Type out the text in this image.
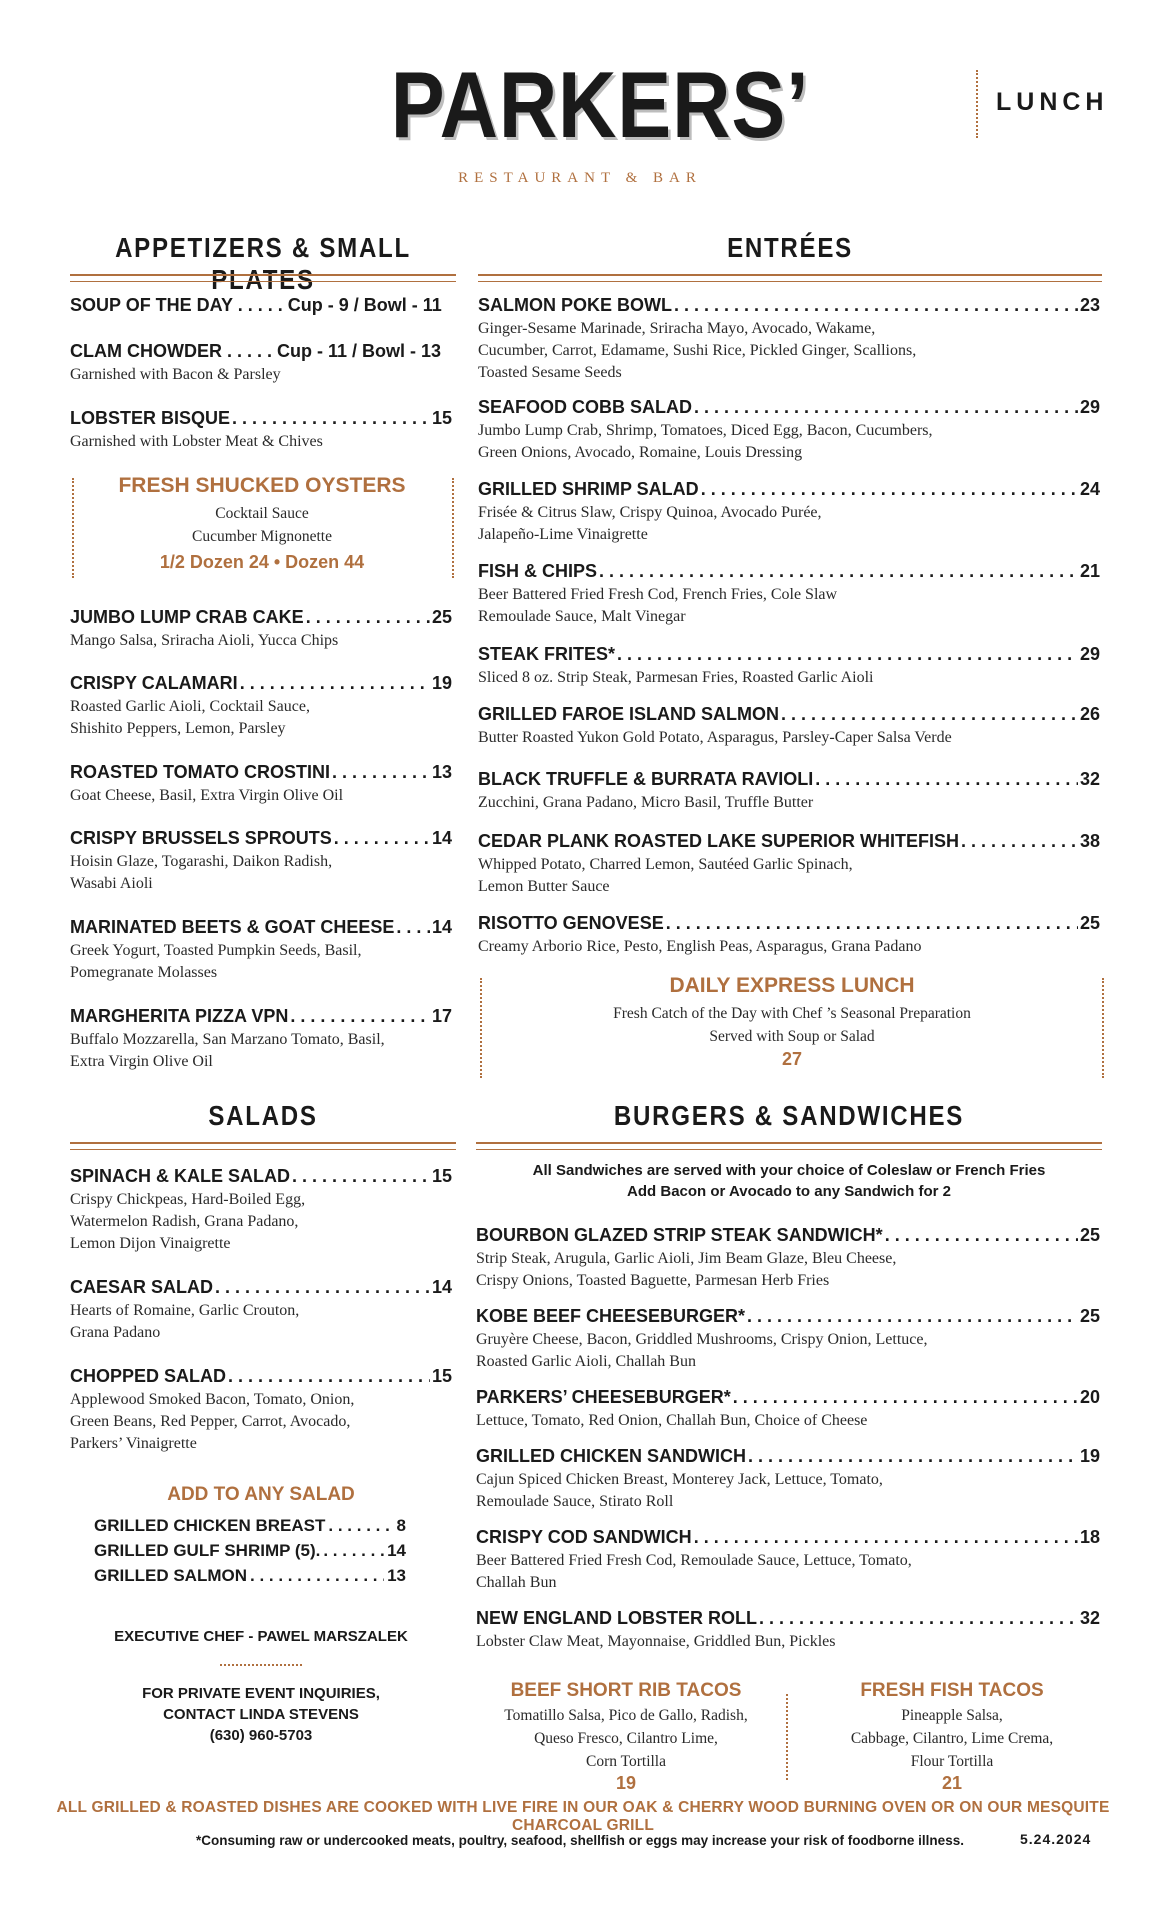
PARKERS’
RESTAURANT & BAR
LUNCH
APPETIZERS & SMALL PLATES
SOUP OF THE DAY . . . . . Cup - 9 / Bowl - 11
CLAM CHOWDER . . . . . Cup - 11 / Bowl - 13
Garnished with Bacon & Parsley
LOBSTER BISQUE . . .	15
Garnished with Lobster Meat & Chives
FRESH SHUCKED OYSTERS
Cocktail Sauce
Cucumber Mignonette
1/2 Dozen 24 • Dozen 44
JUMBO LUMP CRAB CAKE . . .	25
Mango Salsa, Sriracha Aioli, Yucca Chips
CRISPY CALAMARI . . .	19
Roasted Garlic Aioli, Cocktail Sauce,
Shishito Peppers, Lemon, Parsley
ROASTED TOMATO CROSTINI . . .	13
Goat Cheese, Basil, Extra Virgin Olive Oil
CRISPY BRUSSELS SPROUTS . . .	14
Hoisin Glaze, Togarashi, Daikon Radish,
Wasabi Aioli
MARINATED BEETS & GOAT CHEESE . . . 14
Greek Yogurt, Toasted Pumpkin Seeds, Basil,
Pomegranate Molasses
MARGHERITA PIZZA VPN . . .	17
Buffalo Mozzarella, San Marzano Tomato, Basil,
Extra Virgin Olive Oil
ENTRÉES
SALMON POKE BOWL . . .	23
Ginger-Sesame Marinade, Sriracha Mayo, Avocado, Wakame,
Cucumber, Carrot, Edamame, Sushi Rice, Pickled Ginger, Scallions,
Toasted Sesame Seeds
SEAFOOD COBB SALAD . . .	29
Jumbo Lump Crab, Shrimp, Tomatoes, Diced Egg, Bacon, Cucumbers,
Green Onions, Avocado, Romaine, Louis Dressing
GRILLED SHRIMP SALAD . . .	24
Frisée & Citrus Slaw, Crispy Quinoa, Avocado Purée,
Jalapeño-Lime Vinaigrette
FISH & CHIPS . . .	21
Beer Battered Fried Fresh Cod, French Fries, Cole Slaw
Remoulade Sauce, Malt Vinegar
STEAK FRITES* . . .	29
Sliced 8 oz. Strip Steak, Parmesan Fries, Roasted Garlic Aioli
GRILLED FAROE ISLAND SALMON . . .	26
Butter Roasted Yukon Gold Potato, Asparagus, Parsley-Caper Salsa Verde
BLACK TRUFFLE & BURRATA RAVIOLI . . .	32
Zucchini, Grana Padano, Micro Basil, Truffle Butter
CEDAR PLANK ROASTED LAKE SUPERIOR WHITEFISH . . .	38
Whipped Potato, Charred Lemon, Sautéed Garlic Spinach,
Lemon Butter Sauce
RISOTTO GENOVESE . . .	25
Creamy Arborio Rice, Pesto, English Peas, Asparagus, Grana Padano
DAILY EXPRESS LUNCH
Fresh Catch of the Day with Chef ’s Seasonal Preparation
Served with Soup or Salad
27
SALADS
SPINACH & KALE SALAD . . .	15
Crispy Chickpeas, Hard-Boiled Egg,
Watermelon Radish, Grana Padano,
Lemon Dijon Vinaigrette
CAESAR SALAD . . .	14
Hearts of Romaine, Garlic Crouton,
Grana Padano
CHOPPED SALAD . . .	15
Applewood Smoked Bacon, Tomato, Onion,
Green Beans, Red Pepper, Carrot, Avocado,
Parkers’ Vinaigrette
ADD TO ANY SALAD
GRILLED CHICKEN BREAST . . .	8
GRILLED GULF SHRIMP (5). . . .	14
GRILLED SALMON . . .	13
EXECUTIVE CHEF - PAWEL MARSZALEK
FOR PRIVATE EVENT INQUIRIES,
CONTACT LINDA STEVENS
(630) 960-5703
BURGERS & SANDWICHES
All Sandwiches are served with your choice of Coleslaw or French Fries
Add Bacon or Avocado to any Sandwich for 2
BOURBON GLAZED STRIP STEAK SANDWICH* . . .	25
Strip Steak, Arugula, Garlic Aioli, Jim Beam Glaze, Bleu Cheese,
Crispy Onions, Toasted Baguette, Parmesan Herb Fries
KOBE BEEF CHEESEBURGER* . . .	25
Gruyère Cheese, Bacon, Griddled Mushrooms, Crispy Onion, Lettuce,
Roasted Garlic Aioli, Challah Bun
PARKERS’ CHEESEBURGER* . . .	20
Lettuce, Tomato, Red Onion, Challah Bun, Choice of Cheese
GRILLED CHICKEN SANDWICH . . .	19
Cajun Spiced Chicken Breast, Monterey Jack, Lettuce, Tomato,
Remoulade Sauce, Stirato Roll
CRISPY COD SANDWICH . . .	18
Beer Battered Fried Fresh Cod, Remoulade Sauce, Lettuce, Tomato,
Challah Bun
NEW ENGLAND LOBSTER ROLL . . .	32
Lobster Claw Meat, Mayonnaise, Griddled Bun, Pickles
BEEF SHORT RIB TACOS
Tomatillo Salsa, Pico de Gallo, Radish,
Queso Fresco, Cilantro Lime,
Corn Tortilla
19
FRESH FISH TACOS
Pineapple Salsa,
Cabbage, Cilantro, Lime Crema,
Flour Tortilla
21
ALL GRILLED & ROASTED DISHES ARE COOKED WITH LIVE FIRE IN OUR OAK & CHERRY WOOD BURNING OVEN OR ON OUR MESQUITE CHARCOAL GRILL
*Consuming raw or undercooked meats, poultry, seafood, shellfish or eggs may increase your risk of foodborne illness.	5.24.2024
